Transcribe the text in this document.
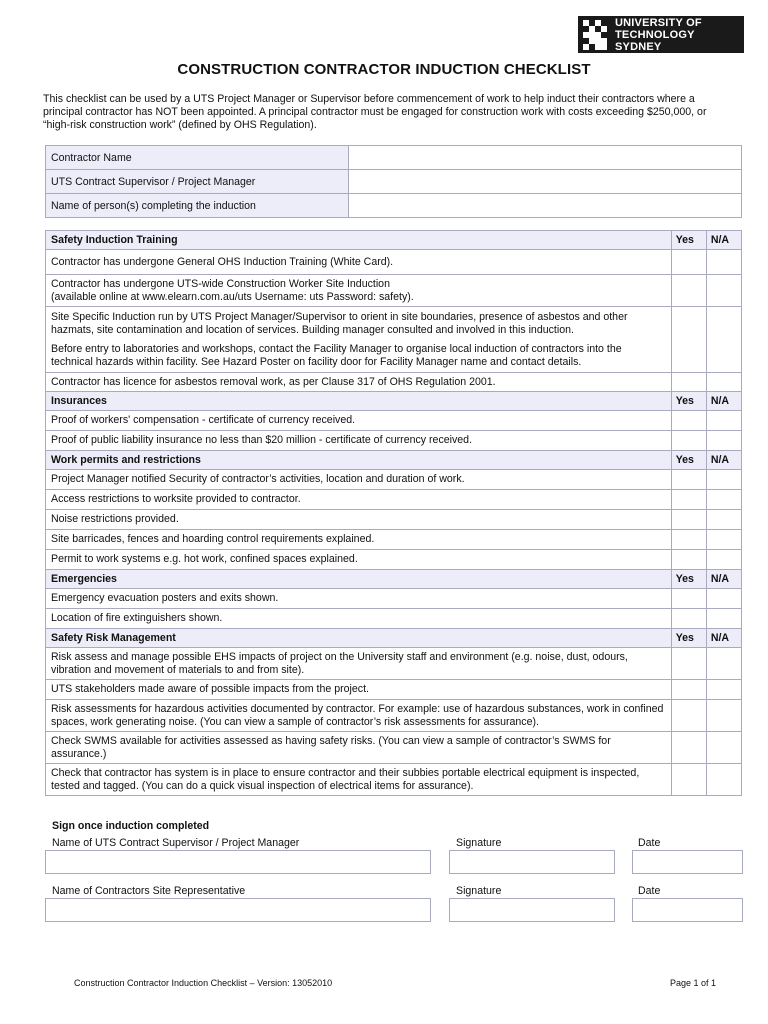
UNIVERSITY OF
TECHNOLOGY SYDNEY
CONSTRUCTION CONTRACTOR INDUCTION CHECKLIST
This checklist can be used by a UTS Project Manager or Supervisor before commencement of work to help induct their contractors where a principal contractor has NOT been appointed. A principal contractor must be engaged for construction work with costs exceeding $250,000, or “high-risk construction work” (defined by OHS Regulation).
Contractor Name	
UTS Contract Supervisor / Project Manager	
Name of person(s) completing the induction	
Safety Induction Training	Yes	N/A
Contractor has undergone General OHS Induction Training (White Card).		

Contractor has undergone UTS-wide Construction Worker Site Induction
(available online at www.elearn.com.au/uts Username: uts Password: safety).		

Site Specific Induction run by UTS Project Manager/Supervisor to orient in site boundaries, presence of asbestos and other hazmats, site contamination and location of services. Building manager consulted and involved in this induction.
Before entry to laboratories and workshops, contact the Facility Manager to organise local induction of contractors into the technical hazards within facility. See Hazard Poster on facility door for Facility Manager name and contact details.		

Contractor has licence for asbestos removal work, as per Clause 317 of OHS Regulation 2001.		
Insurances	Yes	N/A
Proof of workers' compensation - certificate of currency received.		
Proof of public liability insurance no less than $20 million - certificate of currency received.		
Work permits and restrictions	Yes	N/A
Project Manager notified Security of contractor’s activities, location and duration of work.		
Access restrictions to worksite provided to contractor.		
Noise restrictions provided.		
Site barricades, fences and hoarding control requirements explained.		
Permit to work systems e.g. hot work, confined spaces explained.		
Emergencies	Yes	N/A
Emergency evacuation posters and exits shown.		
Location of fire extinguishers shown.		
Safety Risk Management	Yes	N/A
Risk assess and manage possible EHS impacts of project on the University staff and environment (e.g. noise, dust, odours, vibration and movement of materials to and from site).		
UTS stakeholders made aware of possible impacts from the project.		
Risk assessments for hazardous activities documented by contractor. For example: use of hazardous substances, work in confined spaces, work generating noise. (You can view a sample of contractor’s risk assessments for assurance).		
Check SWMS available for activities assessed as having safety risks. (You can view a sample of contractor’s SWMS for assurance.)		
Check that contractor has system is in place to ensure contractor and their subbies portable electrical equipment is inspected, tested and tagged. (You can do a quick visual inspection of electrical items for assurance).		
Sign once induction completed
Name of UTS Contract Supervisor / Project Manager	Signature	Date
Name of Contractors Site Representative	Signature	Date
Construction Contractor Induction Checklist – Version: 13052010	Page 1 of 1
